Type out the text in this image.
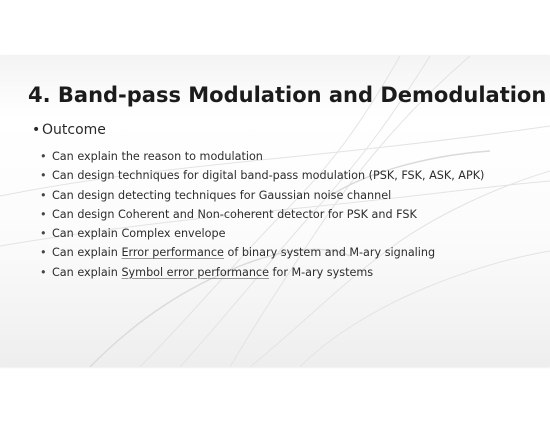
4. Band-pass Modulation and Demodulation
• Outcome
• Can explain the reason to modulation
• Can design techniques for digital band-pass modulation (PSK, FSK, ASK, APK)
• Can design detecting techniques for Gaussian noise channel
• Can design Coherent and Non-coherent detector for PSK and FSK
• Can explain Complex envelope
• Can explain Error performance of binary system and M-ary signaling
• Can explain Symbol error performance for M-ary systems
